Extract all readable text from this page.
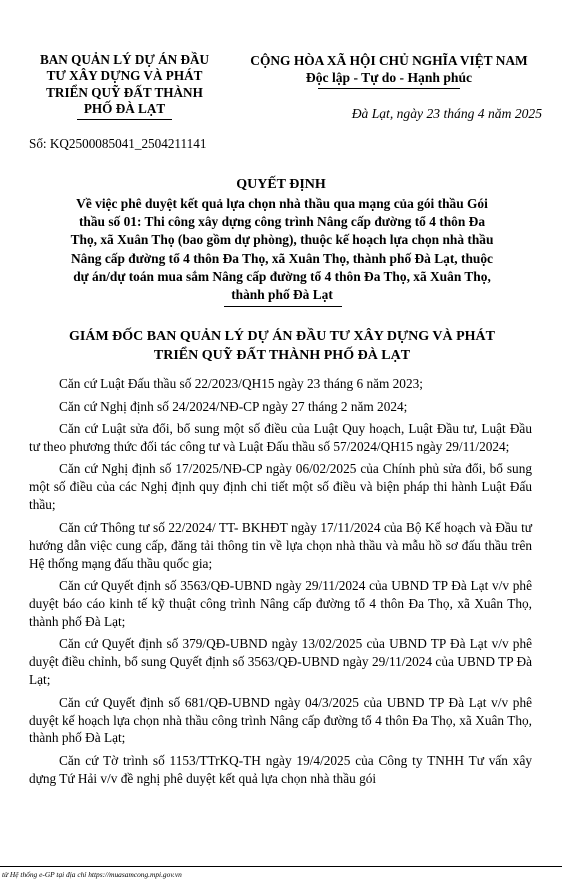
BAN QUẢN LÝ DỰ ÁN ĐẦU
TƯ XÂY DỰNG VÀ PHÁT
TRIỂN QUỸ ĐẤT THÀNH
PHỐ ĐÀ LẠT
CỘNG HÒA XÃ HỘI CHỦ NGHĨA VIỆT NAM
Độc lập - Tự do - Hạnh phúc
Đà Lạt, ngày 23 tháng 4 năm 2025
Số: KQ2500085041_2504211141
QUYẾT ĐỊNH
Về việc phê duyệt kết quả lựa chọn nhà thầu qua mạng của gói thầu Gói
thầu số 01: Thi công xây dựng công trình Nâng cấp đường tổ 4 thôn Đa
Thọ, xã Xuân Thọ (bao gồm dự phòng), thuộc kế hoạch lựa chọn nhà thầu
Nâng cấp đường tổ 4 thôn Đa Thọ, xã Xuân Thọ, thành phố Đà Lạt, thuộc
dự án/dự toán mua sắm Nâng cấp đường tổ 4 thôn Đa Thọ, xã Xuân Thọ,
thành phố Đà Lạt
GIÁM ĐỐC BAN QUẢN LÝ DỰ ÁN ĐẦU TƯ XÂY DỰNG VÀ PHÁT
TRIỂN QUỸ ĐẤT THÀNH PHỐ ĐÀ LẠT

Căn cứ Luật Đấu thầu số 22/2023/QH15 ngày 23 tháng 6 năm 2023;

Căn cứ Nghị định số 24/2024/NĐ-CP ngày 27 tháng 2 năm 2024;

Căn cứ Luật sửa đổi, bổ sung một số điều của Luật Quy hoạch, Luật Đầu tư, Luật Đầu tư theo phương thức đối tác công tư và Luật Đấu thầu số 57/2024/QH15 ngày 29/11/2024;

Căn cứ Nghị định số 17/2025/NĐ-CP ngày 06/02/2025 của Chính phủ sửa đổi, bổ sung một số điều của các Nghị định quy định chi tiết một số điều và biện pháp thi hành Luật Đấu thầu;

Căn cứ Thông tư số 22/2024/ TT- BKHĐT ngày 17/11/2024 của Bộ Kế hoạch và Đầu tư hướng dẫn việc cung cấp, đăng tải thông tin về lựa chọn nhà thầu và mẫu hồ sơ đấu thầu trên Hệ thống mạng đấu thầu quốc gia;

Căn cứ Quyết định số 3563/QĐ-UBND ngày 29/11/2024 của UBND TP Đà Lạt v/v phê duyệt báo cáo kinh tế kỹ thuật công trình Nâng cấp đường tổ 4 thôn Đa Thọ, xã Xuân Thọ, thành phố Đà Lạt;

Căn cứ Quyết định số 379/QĐ-UBND ngày 13/02/2025 của UBND TP Đà Lạt v/v phê duyệt điều chỉnh, bổ sung Quyết định số 3563/QĐ-UBND ngày 29/11/2024 của UBND TP Đà Lạt;

Căn cứ Quyết định số 681/QĐ-UBND ngày 04/3/2025 của UBND TP Đà Lạt v/v phê duyệt kế hoạch lựa chọn nhà thầu công trình Nâng cấp đường tổ 4 thôn Đa Thọ, xã Xuân Thọ, thành phố Đà Lạt;

Căn cứ Tờ trình số 1153/TTrKQ-TH ngày 19/4/2025 của Công ty TNHH Tư vấn xây dựng Tứ Hải v/v đề nghị phê duyệt kết quả lựa chọn nhà thầu gói

từ Hệ thống e-GP tại địa chỉ https://muasamcong.mpi.gov.vn
